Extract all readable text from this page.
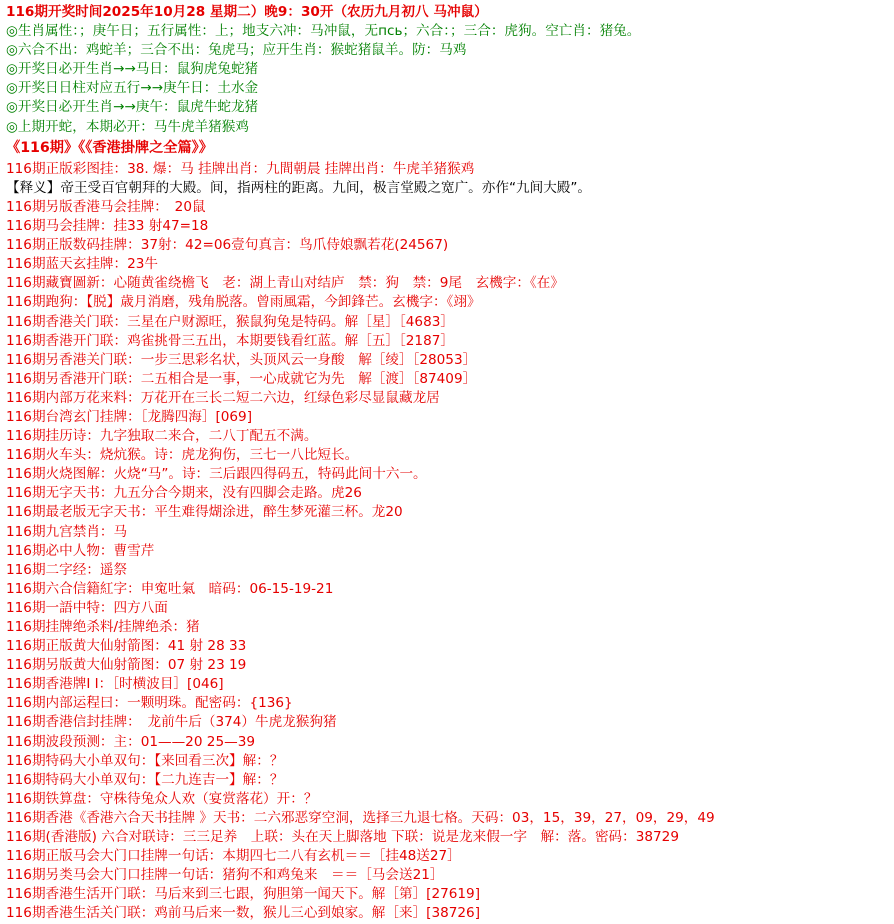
116期开奖时间2025年10月28 星期二）晚9：30开（农历九月初八 马冲鼠）
◎生肖属性：；庚午日；五行属性：上；地支六冲：马冲鼠，无псь；六合：；三合：虎狗。空亡肖：猪兔。
◎六合不出：鸡蛇羊；三合不出：兔虎马；应开生肖：猴蛇猪鼠羊。防：马鸡
◎开奖日必开生肖→→马日：鼠狗虎兔蛇猪
◎开奖日日柱对应五行→→庚午日：土水金
◎开奖日必开生肖→→庚午：鼠虎牛蛇龙猪
◎上期开蛇，本期必开：马牛虎羊猪猴鸡
《116期》《《香港掛牌之全篇》》
116期正版彩图挂：38. 爆：马 挂牌出肖：九間朝晨 挂牌出肖：牛虎羊猪猴鸡
【释义】帝王受百官朝拜的大殿。间，指两柱的距离。九间，极言堂殿之宽广。亦作“九间大殿”。
116期另版香港马会挂牌：　20鼠
116期马会挂牌：挂33 射47=18
116期正版数码挂牌：37射：42=06壹句真言：鸟爪侍娘飘若花(24567)
116期蓝天玄挂牌：23牛
116期藏寶圖新：心随黄雀绕檐飞　老：湖上青山对结庐　禁：狗　禁：9尾　玄機字：《在》
116期跑狗：【脱】歳月消磨，残角脱落。曾雨風霜，今卸鋒芒。玄機字：《翊》
116期香港关门联：三星在户财源旺，猴鼠狗兔是特码。解［星］［4683］
116期香港开门联：鸡雀挑骨三五出，本期要钱看红蓝。解［五］［2187］
116期另香港关门联：一步三思彩名状，头顶风云一身酸　解［绫］［28053］
116期另香港开门联：二五相合是一事，一心成就它为先　解［渡］［87409］
116期内部万花来料：万花开在三长二短二六边，红绿色彩尽显鼠藏龙居
116期台湾玄门挂牌：［龙腾四海］[069]
116期挂历诗：九字独取二来合，二八丁配五不满。
116期火车头：烧炕猴。诗：虎龙狗伤，三七一八比短长。
116期火烧图解：火烧“马”。诗：三后跟四得码五，特码此间十六一。
116期无字天书：九五分合今期来，没有四脚会走路。虎26
116期最老版无字天书：平生难得煳涂进，醉生梦死灌三杯。龙20
116期九宫禁肖：马
116期必中人物：曹雪芹
116期二字经：遥祭
116期六合信籍紅字：申寃吐氣　暗码：06-15-19-21
116期一語中特：四方八面
116期挂牌绝杀料/挂牌绝杀：猪
116期正版黄大仙射箭图：41 射 28 33
116期另版黄大仙射箭图：07 射 23 19
116期香港牌I I：［时横波目］[046]
116期内部运程曰：一颗明珠。配密码：{136}
116期香港信封挂牌：　龙前牛后（374）牛虎龙猴狗猪
116期波段预测：主：01——20 25—39
116期特码大小单双句：【来回看三次】解：？
116期特码大小单双句：【二九连吉一】解：？
116期铁算盘：守株待兔众人欢（宴赏落花）开：？
116期香港《香港六合天书挂牌 》天书：二六邪恶穿空洞，选择三九退七格。天码：03，15，39，27，09，29，49
116期(香港版) 六合对联诗：三三足养　上联：头在天上脚落地 下联：说是龙来假一字　解：落。密码：38729
116期正版马会大门口挂牌一句话：本期四七二八有玄机＝＝［挂48送27］
116期另类马会大门口挂牌一句话：猪狗不和鸡兔来　＝＝［马会送21］
116期香港生活开门联：马后来到三七跟，狗胆第一闻天下。解［第］[27619]
116期香港生活关门联：鸡前马后来一数，猴儿三心到娘家。解［来］[38726]
